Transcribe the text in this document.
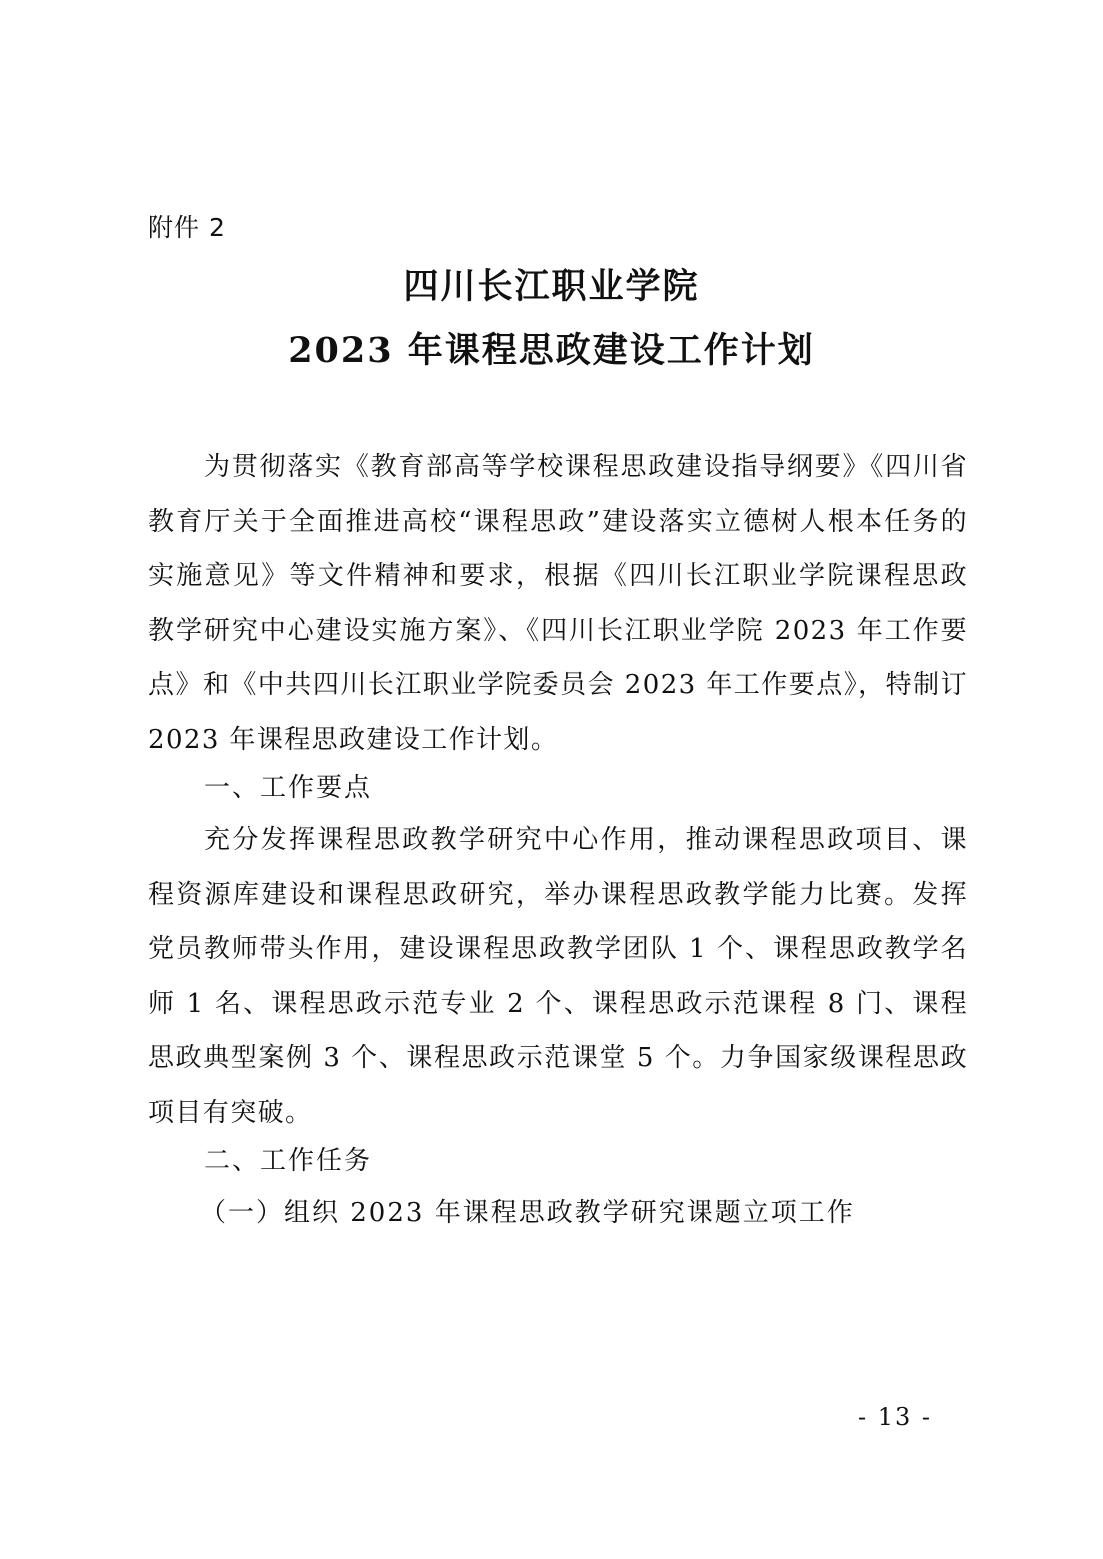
附件 2
四川长江职业学院
2023 年课程思政建设工作计划
为贯彻落实《教育部高等学校课程思政建设指导纲要》《四川省教育厅关于全面推进高校“课程思政”建设落实立德树人根本任务的实施意见》等文件精神和要求，根据《四川长江职业学院课程思政教学研究中心建设实施方案》、《四川长江职业学院 2023 年工作要点》和《中共四川长江职业学院委员会 2023 年工作要点》，特制订 2023 年课程思政建设工作计划。
一、工作要点
充分发挥课程思政教学研究中心作用，推动课程思政项目、课程资源库建设和课程思政研究，举办课程思政教学能力比赛。发挥党员教师带头作用，建设课程思政教学团队 1 个、课程思政教学名师 1 名、课程思政示范专业 2 个、课程思政示范课程 8 门、课程思政典型案例 3 个、课程思政示范课堂 5 个。力争国家级课程思政项目有突破。
二、工作任务
（一）组织 2023 年课程思政教学研究课题立项工作
- 13 -
